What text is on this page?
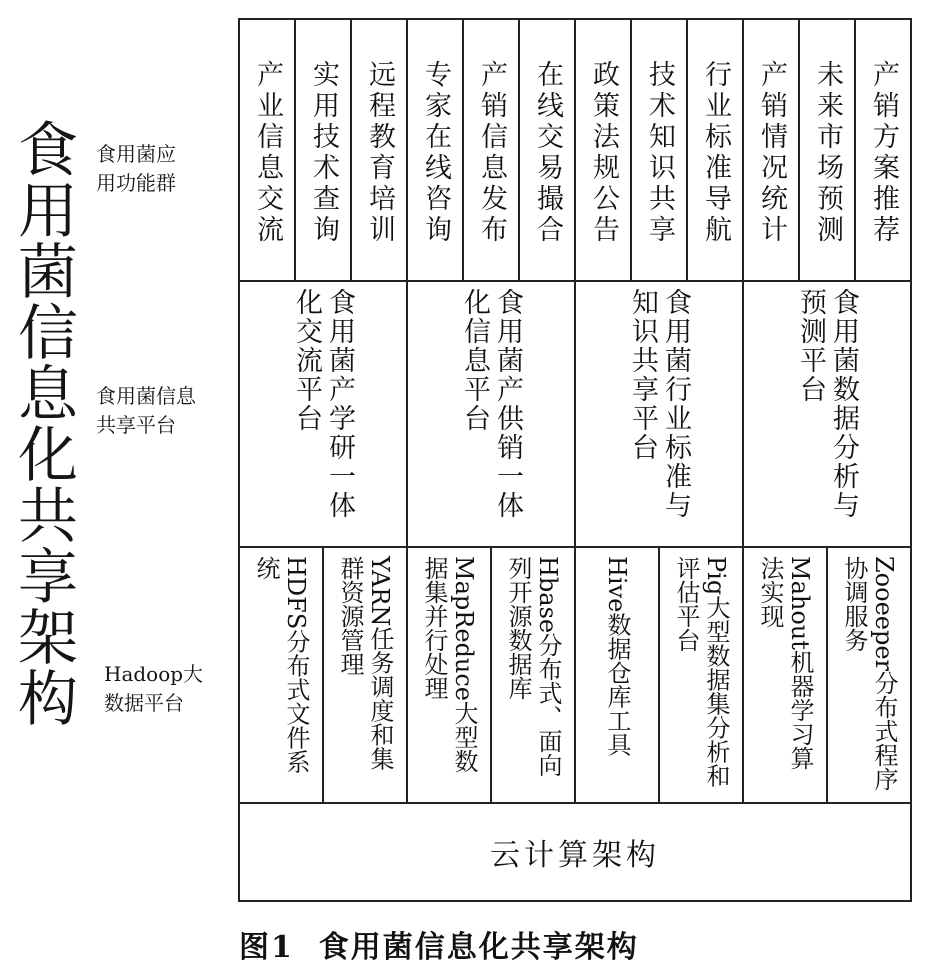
食用菌信息化共享架构 食用菌应
用功能群
食用菌信息
共享平台
Hadoop大
数据平台
产业信息交流 实用技术查询 远程教育培训 专家在线咨询 产销信息发布 在线交易撮合 政策法规公告 技术知识共享 行业标准导航 产销情况统计 未来市场预测 产销方案推荐
食用菌产学研一体化交流平台	食用菌产供销一体化信息平台	食用菌行业标准与知识共享平台	食用菌数据分析与预测平台
HDFS分布式文件系统	YARN任务调度和集群资源管理	MapReduce大型数据集并行处理	Hbase分布式、面向列开源数据库	Hive数据仓库工具	Pig大型数据集分析和评估平台	Mahout机器学习算法实现	Zooeeper分布式程序协调服务
云计算架构
图1  食用菌信息化共享架构
